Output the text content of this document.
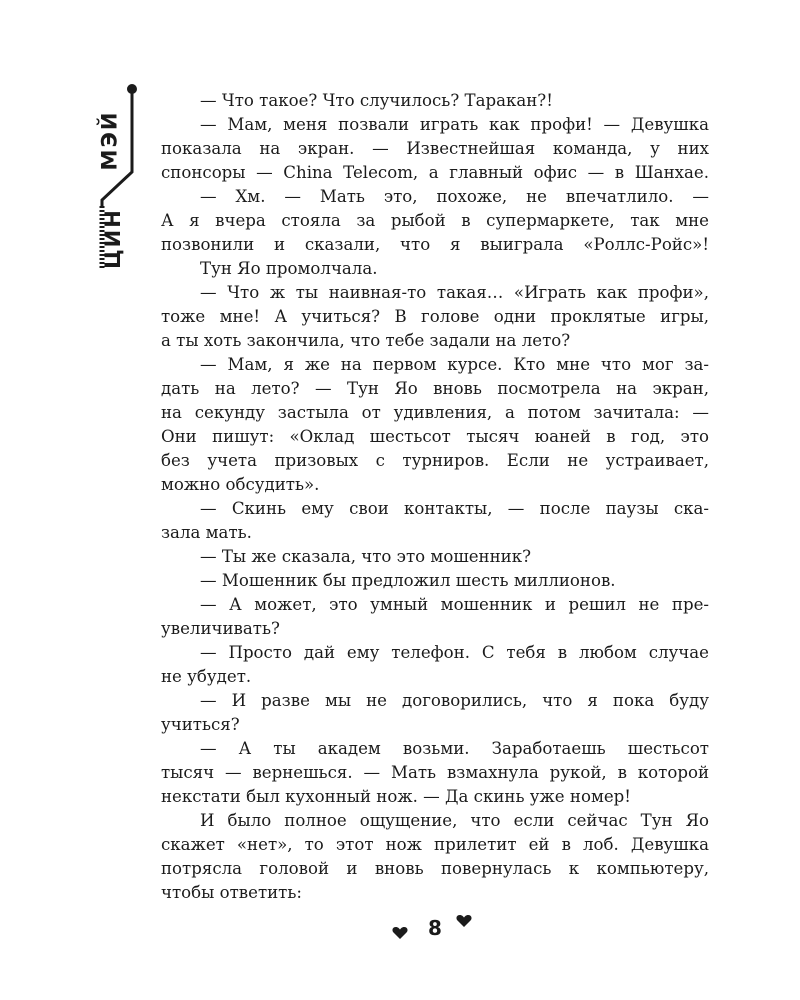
МЭЙ
ЦИН
— Что такое? Что случилось? Таракан?!
— Мам, меня позвали играть как профи! — Девушка
показала на экран. — Известнейшая команда, у них
спонсоры — China Telecom, а главный офис — в Шанхае.
— Хм. — Мать это, похоже, не впечатлило. —
А я вчера стояла за рыбой в супермаркете, так мне
позвонили и сказали, что я выиграла «Роллс-Ройс»!
Тун Яо промолчала.
— Что ж ты наивная-то такая… «Играть как профи»,
тоже мне! А учиться? В голове одни проклятые игры,
а ты хоть закончила, что тебе задали на лето?
— Мам, я же на первом курсе. Кто мне что мог за-
дать на лето? — Тун Яо вновь посмотрела на экран,
на секунду застыла от удивления, а потом зачитала: —
Они пишут: «Оклад шестьсот тысяч юаней в год, это
без учета призовых с турниров. Если не устраивает,
можно обсудить».
— Скинь ему свои контакты, — после паузы ска-
зала мать.
— Ты же сказала, что это мошенник?
— Мошенник бы предложил шесть миллионов.
— А может, это умный мошенник и решил не пре-
увеличивать?
— Просто дай ему телефон. С тебя в любом случае
не убудет.
— И разве мы не договорились, что я пока буду
учиться?
— А ты академ возьми. Заработаешь шестьсот
тысяч — вернешься. — Мать взмахнула рукой, в которой
некстати был кухонный нож. — Да скинь уже номер!
И было полное ощущение, что если сейчас Тун Яо
скажет «нет», то этот нож прилетит ей в лоб. Девушка
потрясла головой и вновь повернулась к компьютеру,
чтобы ответить:
8
